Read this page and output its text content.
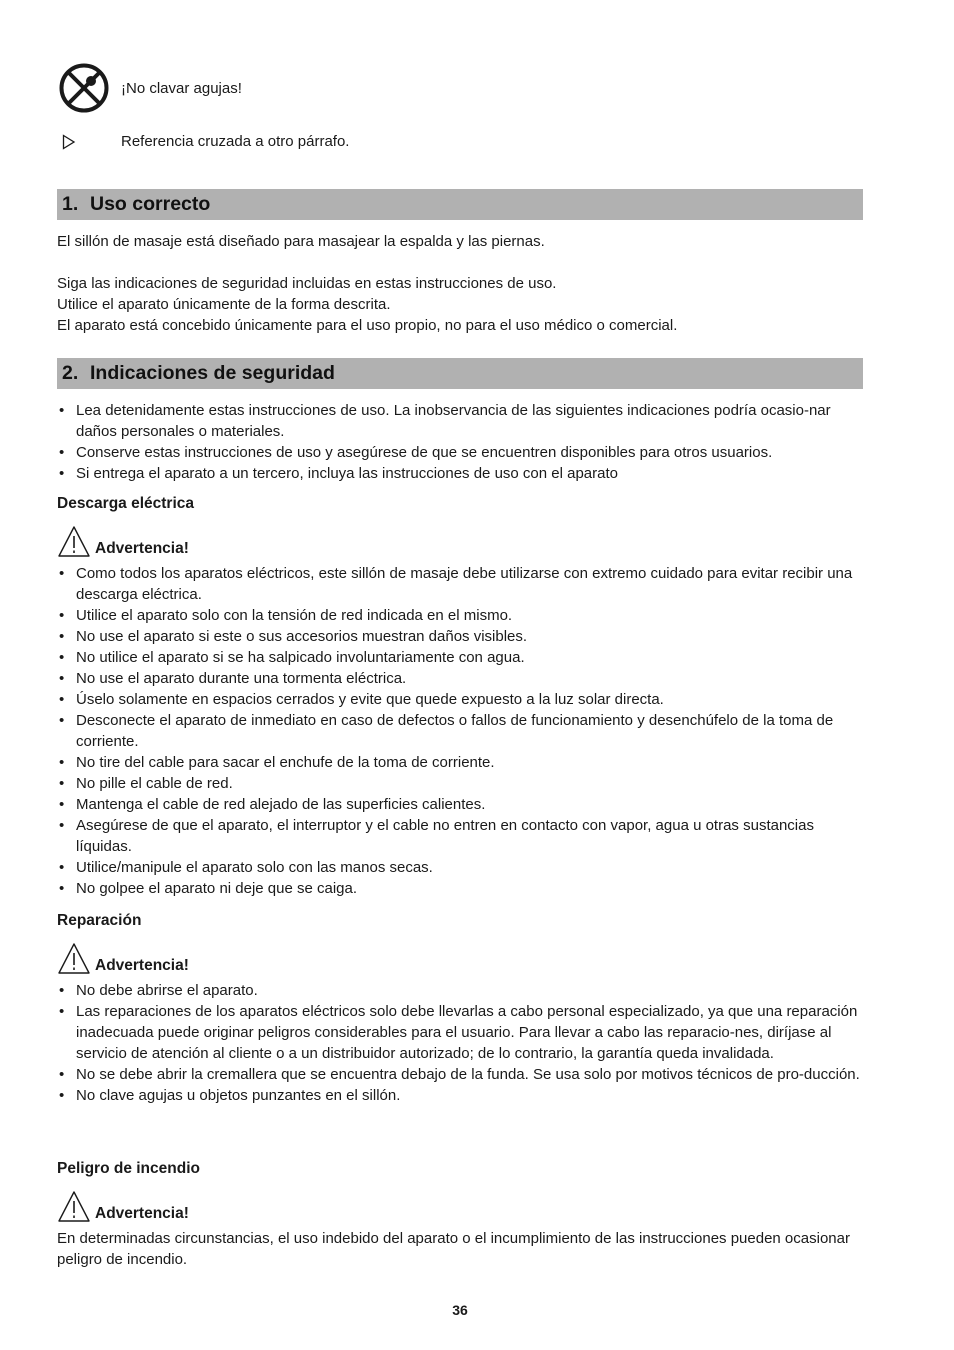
¡No clavar agujas!
Referencia cruzada a otro párrafo.
1. Uso correcto

El sillón de masaje está diseñado para masajear la espalda y las piernas.

Siga las indicaciones de seguridad incluidas en estas instrucciones de uso.

Utilice el aparato únicamente de la forma descrita.

El aparato está concebido únicamente para el uso propio, no para el uso médico o comercial.

2. Indicaciones de seguridad
• Lea detenidamente estas instrucciones de uso. La inobservancia de las siguientes indicaciones podría ocasio-nar daños personales o materiales.
• Conserve estas instrucciones de uso y asegúrese de que se encuentren disponibles para otros usuarios.
• Si entrega el aparato a un tercero, incluya las instrucciones de uso con el aparato
Descarga eléctrica
Advertencia!
• Como todos los aparatos eléctricos, este sillón de masaje debe utilizarse con extremo cuidado para evitar recibir una descarga eléctrica.
• Utilice el aparato solo con la tensión de red indicada en el mismo.
• No use el aparato si este o sus accesorios muestran daños visibles.
• No utilice el aparato si se ha salpicado involuntariamente con agua.
• No use el aparato durante una tormenta eléctrica.
• Úselo solamente en espacios cerrados y evite que quede expuesto a la luz solar directa.
• Desconecte el aparato de inmediato en caso de defectos o fallos de funcionamiento y desenchúfelo de la toma de corriente.
• No tire del cable para sacar el enchufe de la toma de corriente.
• No pille el cable de red.
• Mantenga el cable de red alejado de las superficies calientes.
• Asegúrese de que el aparato, el interruptor y el cable no entren en contacto con vapor, agua u otras sustancias líquidas.
• Utilice/manipule el aparato solo con las manos secas.
• No golpee el aparato ni deje que se caiga.
Reparación
Advertencia!
• No debe abrirse el aparato.
• Las reparaciones de los aparatos eléctricos solo debe llevarlas a cabo personal especializado, ya que una reparación inadecuada puede originar peligros considerables para el usuario. Para llevar a cabo las reparacio-nes, diríjase al servicio de atención al cliente o a un distribuidor autorizado; de lo contrario, la garantía queda invalidada.
• No se debe abrir la cremallera que se encuentra debajo de la funda. Se usa solo por motivos técnicos de pro-ducción.
• No clave agujas u objetos punzantes en el sillón.
Peligro de incendio
Advertencia!

En determinadas circunstancias, el uso indebido del aparato o el incumplimiento de las instrucciones pueden ocasionar peligro de incendio.

36
